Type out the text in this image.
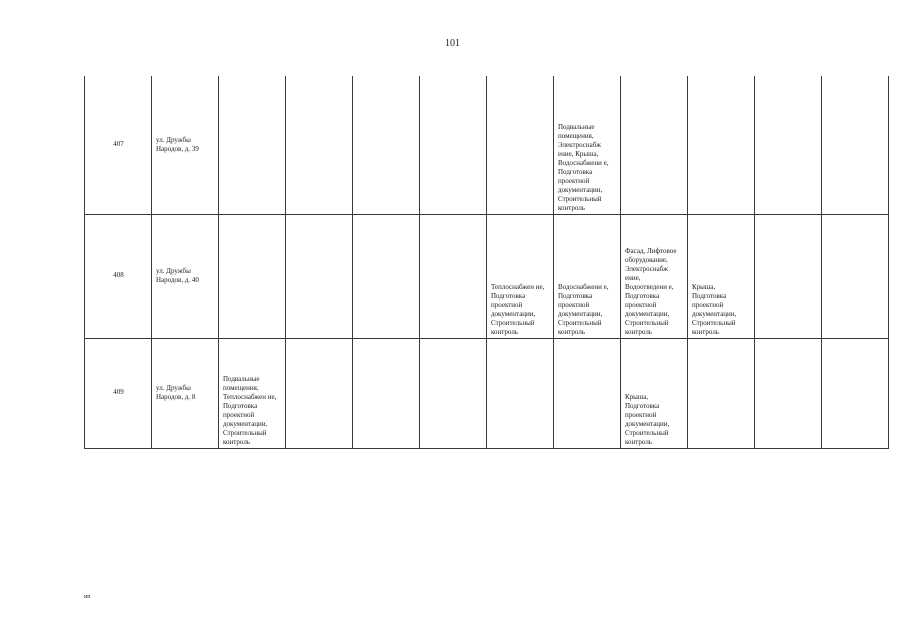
101
407	ул. Дружбы Народов, д. 39						Подвальные помещения, Электроснабж ение, Крыша, Водоснабжени е, Подготовка проектной документации, Строительный контроль				

408	ул. Дружбы Народов, д. 40					Теплоснабжен ие, Подготовка проектной документации, Строительный контроль	Водоснабжени е, Подготовка проектной документации, Строительный контроль	Фасад, Лифтовое оборудование, Электроснабж ение, Водоотведени е, Подготовка проектной документации, Строительный контроль	Крыша, Подготовка проектной документации, Строительный контроль		

409	ул. Дружбы Народов, д. 8	Подвальные помещения, Теплоснабжен ие, Подготовка проектной документации, Строительный контроль						Крыша, Подготовка проектной документации, Строительный контроль			

ип
